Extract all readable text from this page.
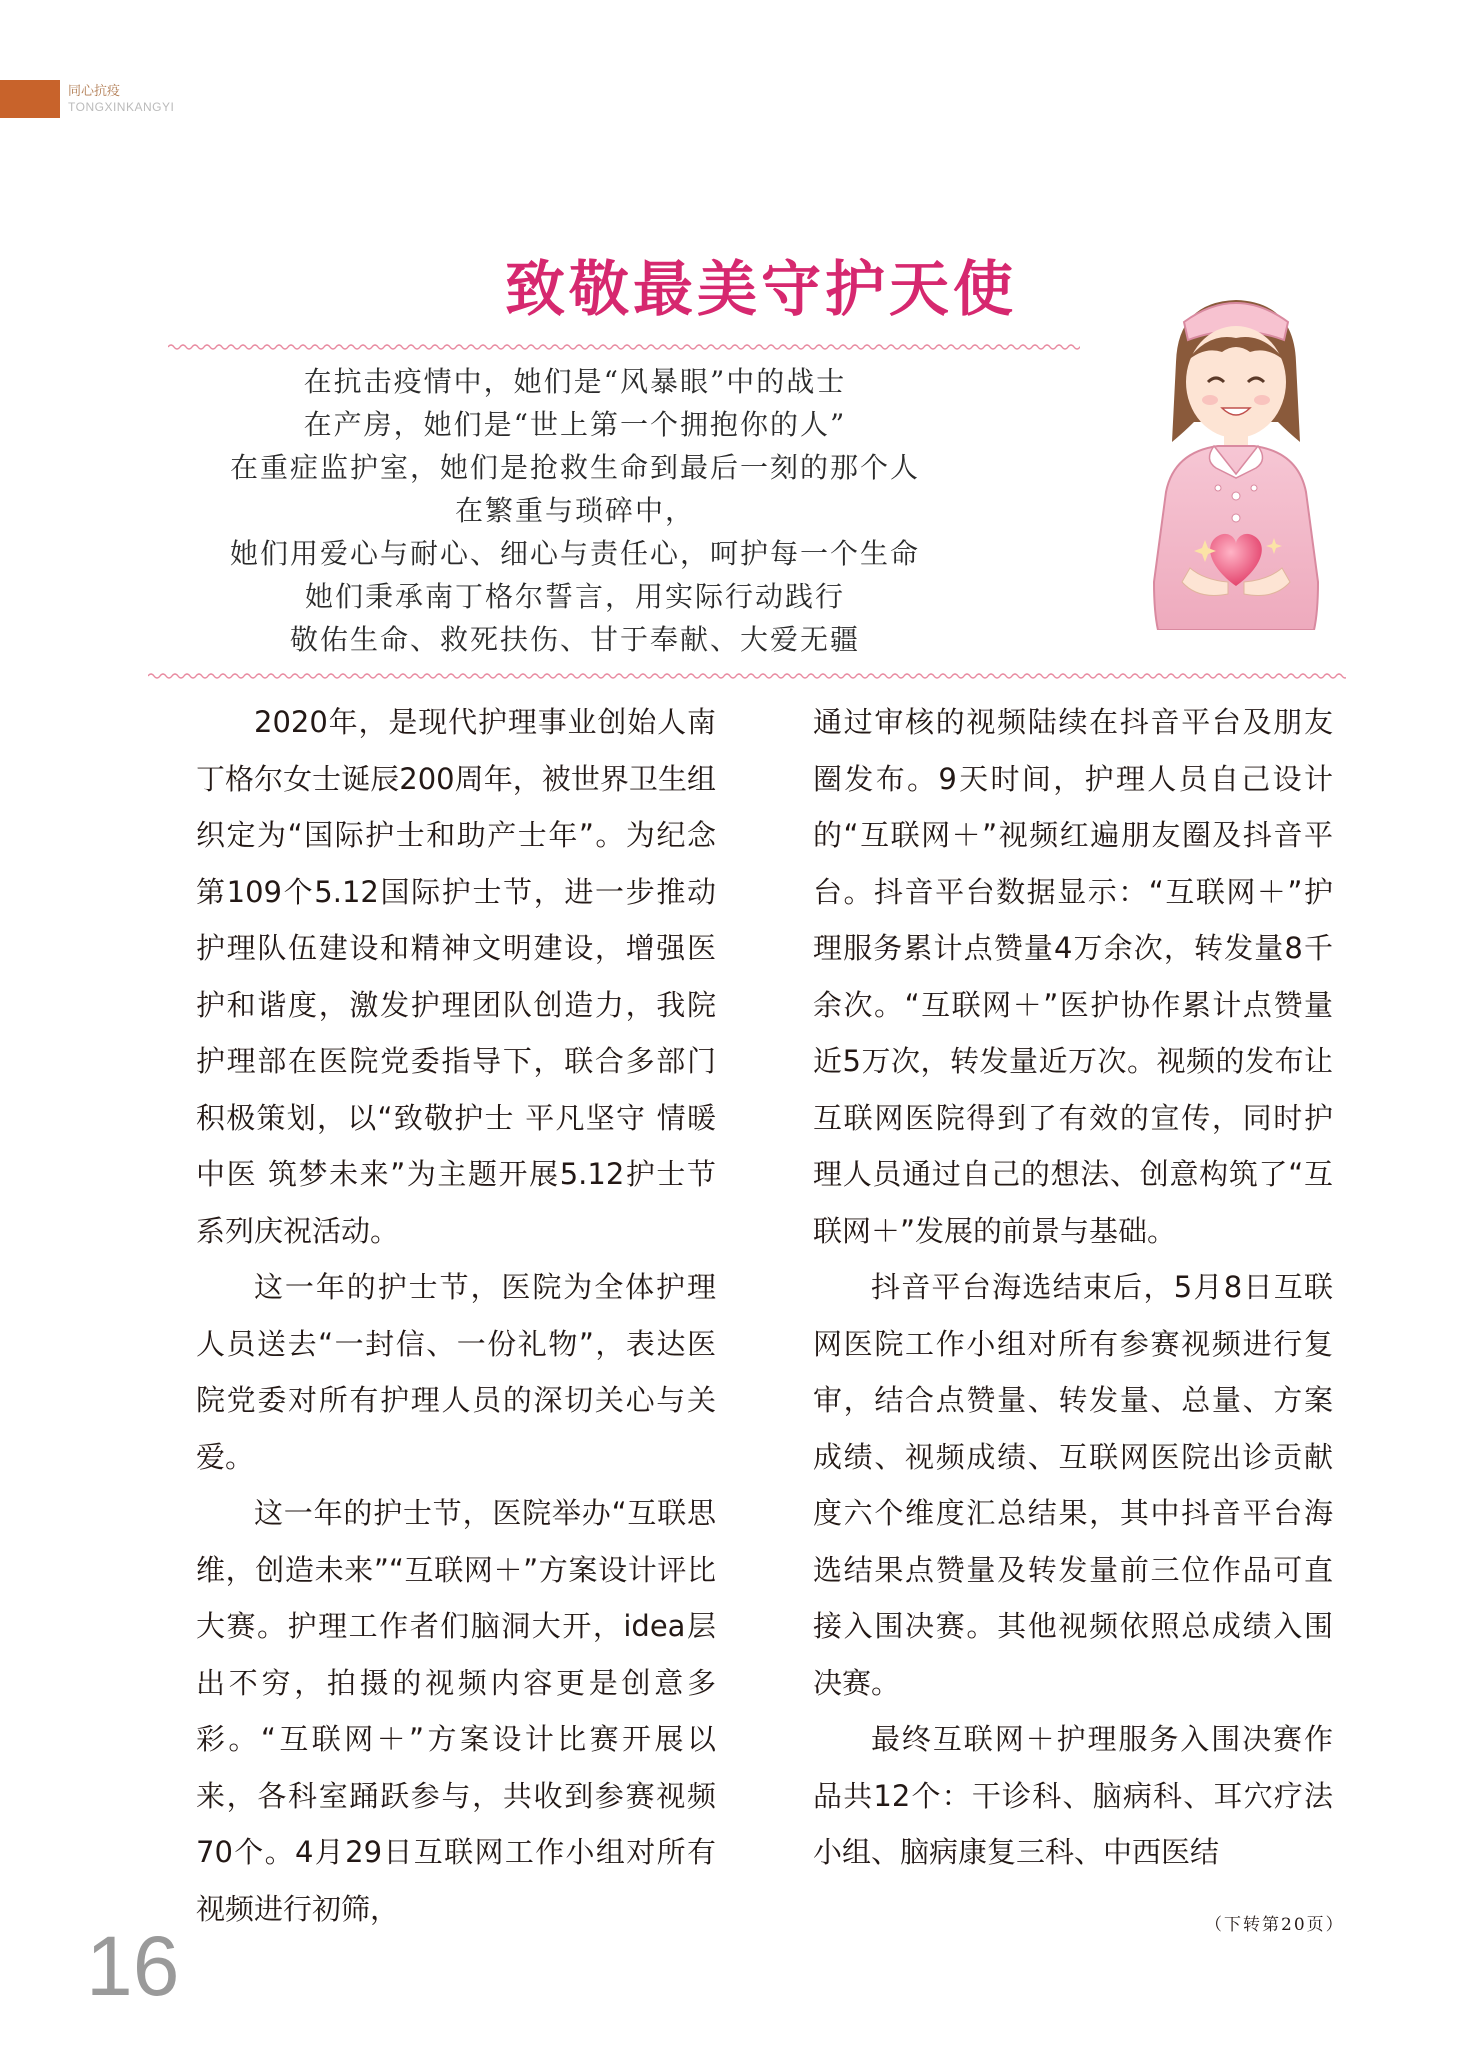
同心抗疫
TONGXINKANGYI
致敬最美守护天使
在抗击疫情中，她们是“风暴眼”中的战士
在产房，她们是“世上第一个拥抱你的人”
在重症监护室，她们是抢救生命到最后一刻的那个人
在繁重与琐碎中，
她们用爱心与耐心、细心与责任心，呵护每一个生命
她们秉承南丁格尔誓言，用实际行动践行
敬佑生命、救死扶伤、甘于奉献、大爱无疆

2020年，是现代护理事业创始人南丁格尔女士诞辰200周年，被世界卫生组织定为“国际护士和助产士年”。为纪念第109个5.12国际护士节，进一步推动护理队伍建设和精神文明建设，增强医护和谐度，激发护理团队创造力，我院护理部在医院党委指导下，联合多部门积极策划，以“致敬护士 平凡坚守 情暖中医 筑梦未来”为主题开展5.12护士节系列庆祝活动。

这一年的护士节，医院为全体护理人员送去“一封信、一份礼物”，表达医院党委对所有护理人员的深切关心与关爱。

这一年的护士节，医院举办“互联思维，创造未来”“互联网＋”方案设计评比大赛。护理工作者们脑洞大开，idea层出不穷，拍摄的视频内容更是创意多彩。“互联网＋”方案设计比赛开展以来，各科室踊跃参与，共收到参赛视频70个。4月29日互联网工作小组对所有视频进行初筛，

通过审核的视频陆续在抖音平台及朋友圈发布。9天时间，护理人员自己设计的“互联网＋”视频红遍朋友圈及抖音平台。抖音平台数据显示：“互联网＋”护理服务累计点赞量4万余次，转发量8千余次。“互联网＋”医护协作累计点赞量近5万次，转发量近万次。视频的发布让互联网医院得到了有效的宣传，同时护理人员通过自己的想法、创意构筑了“互联网＋”发展的前景与基础。

抖音平台海选结束后，5月8日互联网医院工作小组对所有参赛视频进行复审，结合点赞量、转发量、总量、方案成绩、视频成绩、互联网医院出诊贡献度六个维度汇总结果，其中抖音平台海选结果点赞量及转发量前三位作品可直接入围决赛。其他视频依照总成绩入围决赛。

最终互联网＋护理服务入围决赛作品共12个：干诊科、脑病科、耳穴疗法小组、脑病康复三科、中西医结

（下转第20页）
16
